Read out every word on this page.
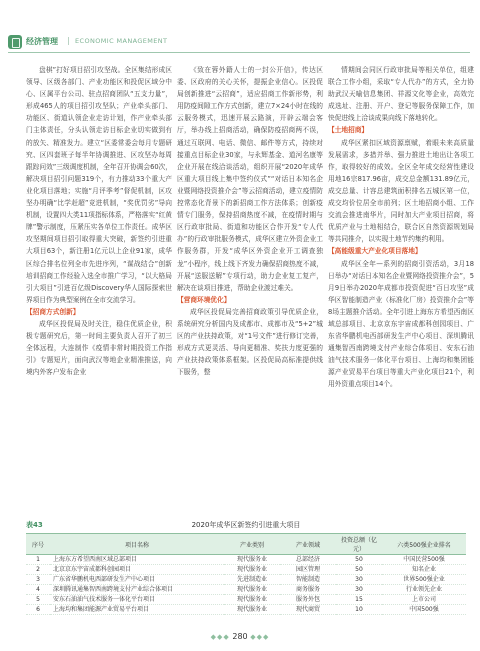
经济管理 | ECONOMIC MANAGEMENT

盘棋”打好项目招引攻坚战。全区集结形成区领导、区级各部门、产业功能区和投促区域分中心、区属平台公司、驻点招商团队“五支力量”，形成465人的项目招引攻坚队；产业牵头部门、功能区、街道认领企业走访计划，作产业牵头部门主体责任，分头认领走访目标企业切实做到有的放矢、精准发力。建立“区委常委会每月专题研究、区四套班子每半年协调推进、区攻坚办每周跟踪问效”三级调度机制，全年召开协调会60次，解决项目招引问题319个，有力推动33个重大产业化项目落地；实施“月评季考”督促机制，区攻坚办明确“比学赶超”竞进机制，“奖优罚劣”导向机制，设置四大类11项指标体系，严格落实“红黄牌”警示制度，压紧压实各单位工作责任。成华区攻坚期间项目招引取得重大突破，新签约引进重大项目63个，新注册1亿元以上企业91家，成华区综合排名位列全市先进序列，“谋战结合”创新培训招商工作经验入选全市推广学习，“以大格局引大项目”引进百亿级Discovery华人国际探索世界项目作为典型案例在全市交流学习。

【招商方式创新】

成华区投促局及时关注，稳住优质企业，积极专题研究后，第一时间主要负责人召开了初三全体远程，大连制作《疫情非常时期投资工作指引》专题短片，面向武汉等地企业精准推送，向境内外客户发布企业

《致在蓉外籍人士的一封公开信》，传达区委、区政府的关心关怀，提振企业信心。区投促局创新推进“云招商”，适应招商工作新形势，利用防疫间隙工作方式创新，建立7×24小时在线的云服务模式，迅速开展云路演，开辟云端会客厅，举办线上招商活动，确保防疫招商两不误，通过互联网、电话、微信、邮件等方式，持续对接重点目标企业30家，与永辉基金、道河名康等企业开展在线洽谈活动，组织开展“2020年成华区重大项目线上集中签约仪式”“对话日本知名企业暨网络投资推介会”等云招商活动，建立疫情防控常态化背景下的新招商工作方法体系；创新疫情专门服务，保持招商热度不减，在疫情时期与区行政审批局、街道和功能区合作开发“专人代办”的行政审批服务模式，成华区建立外资企业工作服务群，开发“成华区外资企业开工调查独龙”小程序，线上线下齐发力确保招商热度不减，开展“送服送解”专项行动，助力企业复工复产，解决在谈项目推进，帮助企业渡过难关。

【营商环境优化】

成华区投促局完善招商政策引导优质企业，系统研究分析国内及成都市、成都市及“5+2”城区的产业扶持政策，对“1号文件”进行修订完善，形成方式更灵活、导向更精准、奖扶力度更强的产业扶持政策体系框架。区投促局高标准提供线下服务，整

情期间会同区行政审批局等相关单位，组建联合工作小组，采取“专人代办”的方式，全力协助武汉天喻信息集团、祥源文化等企业，高效完成选址、注册、开户、登记等服务保障工作，加快促进线上洽谈成果向线下落地转化。

【土地招商】

成华区紧扣区域资源禀赋，着眼未来高质量发展需求，多措并举、强力推进土地出让各项工作，取得较好的成效。全区全年成交经营性建设用地16宗817.96亩，成交总金额131.89亿元，成交总量、计容总建筑面积排名五城区第一位，成交均价位居全市前列；区土地招商小组、工作交流会推进南华片，同时加大产业项目招商，将优质产业与土地相结合，联合区自然资源规划局等共同推介，以实现土地节约集约利用。

【高能级重大产业化项目落地】

成华区全年—系列的招商引资活动，3月18日举办“对话日本知名企业暨网络投资推介会”，5月9日举办2020年成都市投资促进“百日攻坚”成华区智能制造产业（标准化厂房）投资推介会”等8场主题推介活动。全年引进上海东方希望西南区域总部项目、北京京东宇宙成都科创园项目、广东省华鹏机电西部研发生产中心项目、深圳腾讯通集智西南跨境支付产业综合体项目、安东石油油气技术服务一体化平台项目、上海均和集团能源产业贸易平台项目等重大产业化项目21个，利用外资重点项目14个。

表43	2020年成华区新签约引进重大项目
序号	项目名称	产业类别	产业领域	投资总额（亿元）	六类500强企业排名
1	上海东方希望西南区域总部项目	现代服务业	总部经济	50	中国民营500强
2	北京京东宇宙成都科创园项目	现代服务业	园区管理	50	知名企业
3	广东省华鹏机电西部研发生产中心项目	先进制造业	智能制造	30	世界500强企业
4	深圳腾讯通集智西南跨境支付产业综合体项目	现代服务业	商务服务	30	行业领先企业
5	安东石油油气技术服务一体化平台项目	现代服务业	服务外包	15	上市公司
6	上海均和集团能源产业贸易平台项目	现代服务业	现代商贸	10	中国500强
◆◆◆ 280 ◆◆◆
